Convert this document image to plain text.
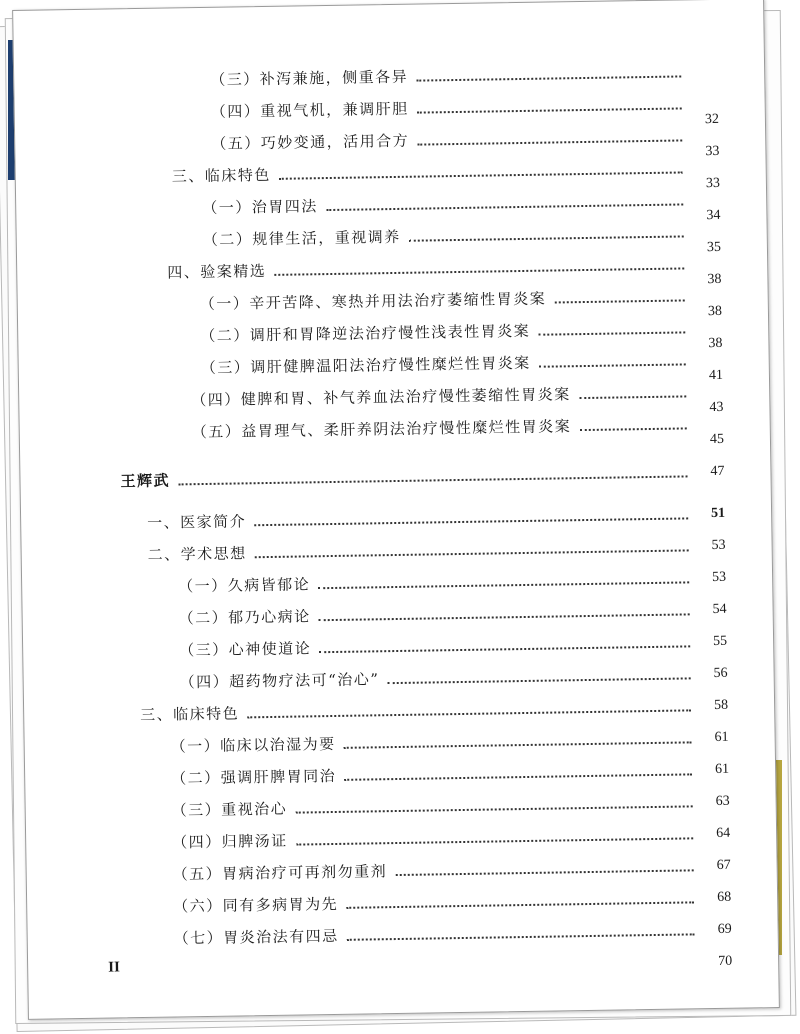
（三）补泻兼施，侧重各异
（四）重视气机，兼调肝胆
（五）巧妙变通，活用合方
三、临床特色
（一）治胃四法
（二）规律生活，重视调养
四、验案精选
（一）辛开苦降、寒热并用法治疗萎缩性胃炎案
（二）调肝和胃降逆法治疗慢性浅表性胃炎案
（三）调肝健脾温阳法治疗慢性糜烂性胃炎案
（四）健脾和胃、补气养血法治疗慢性萎缩性胃炎案
（五）益胃理气、柔肝养阴法治疗慢性糜烂性胃炎案
王辉武
一、医家简介
二、学术思想
（一）久病皆郁论
（二）郁乃心病论
（三）心神使道论
（四）超药物疗法可“治心”
三、临床特色
（一）临床以治湿为要
（二）强调肝脾胃同治
（三）重视治心
（四）归脾汤证
（五）胃病治疗可再剂勿重剂
（六）同有多病胃为先
（七）胃炎治法有四忌
32
33
33
34
35
38
38
38
41
43
45
47
51
53
53
54
55
56
58
61
61
63
64
67
68
69
70
II
